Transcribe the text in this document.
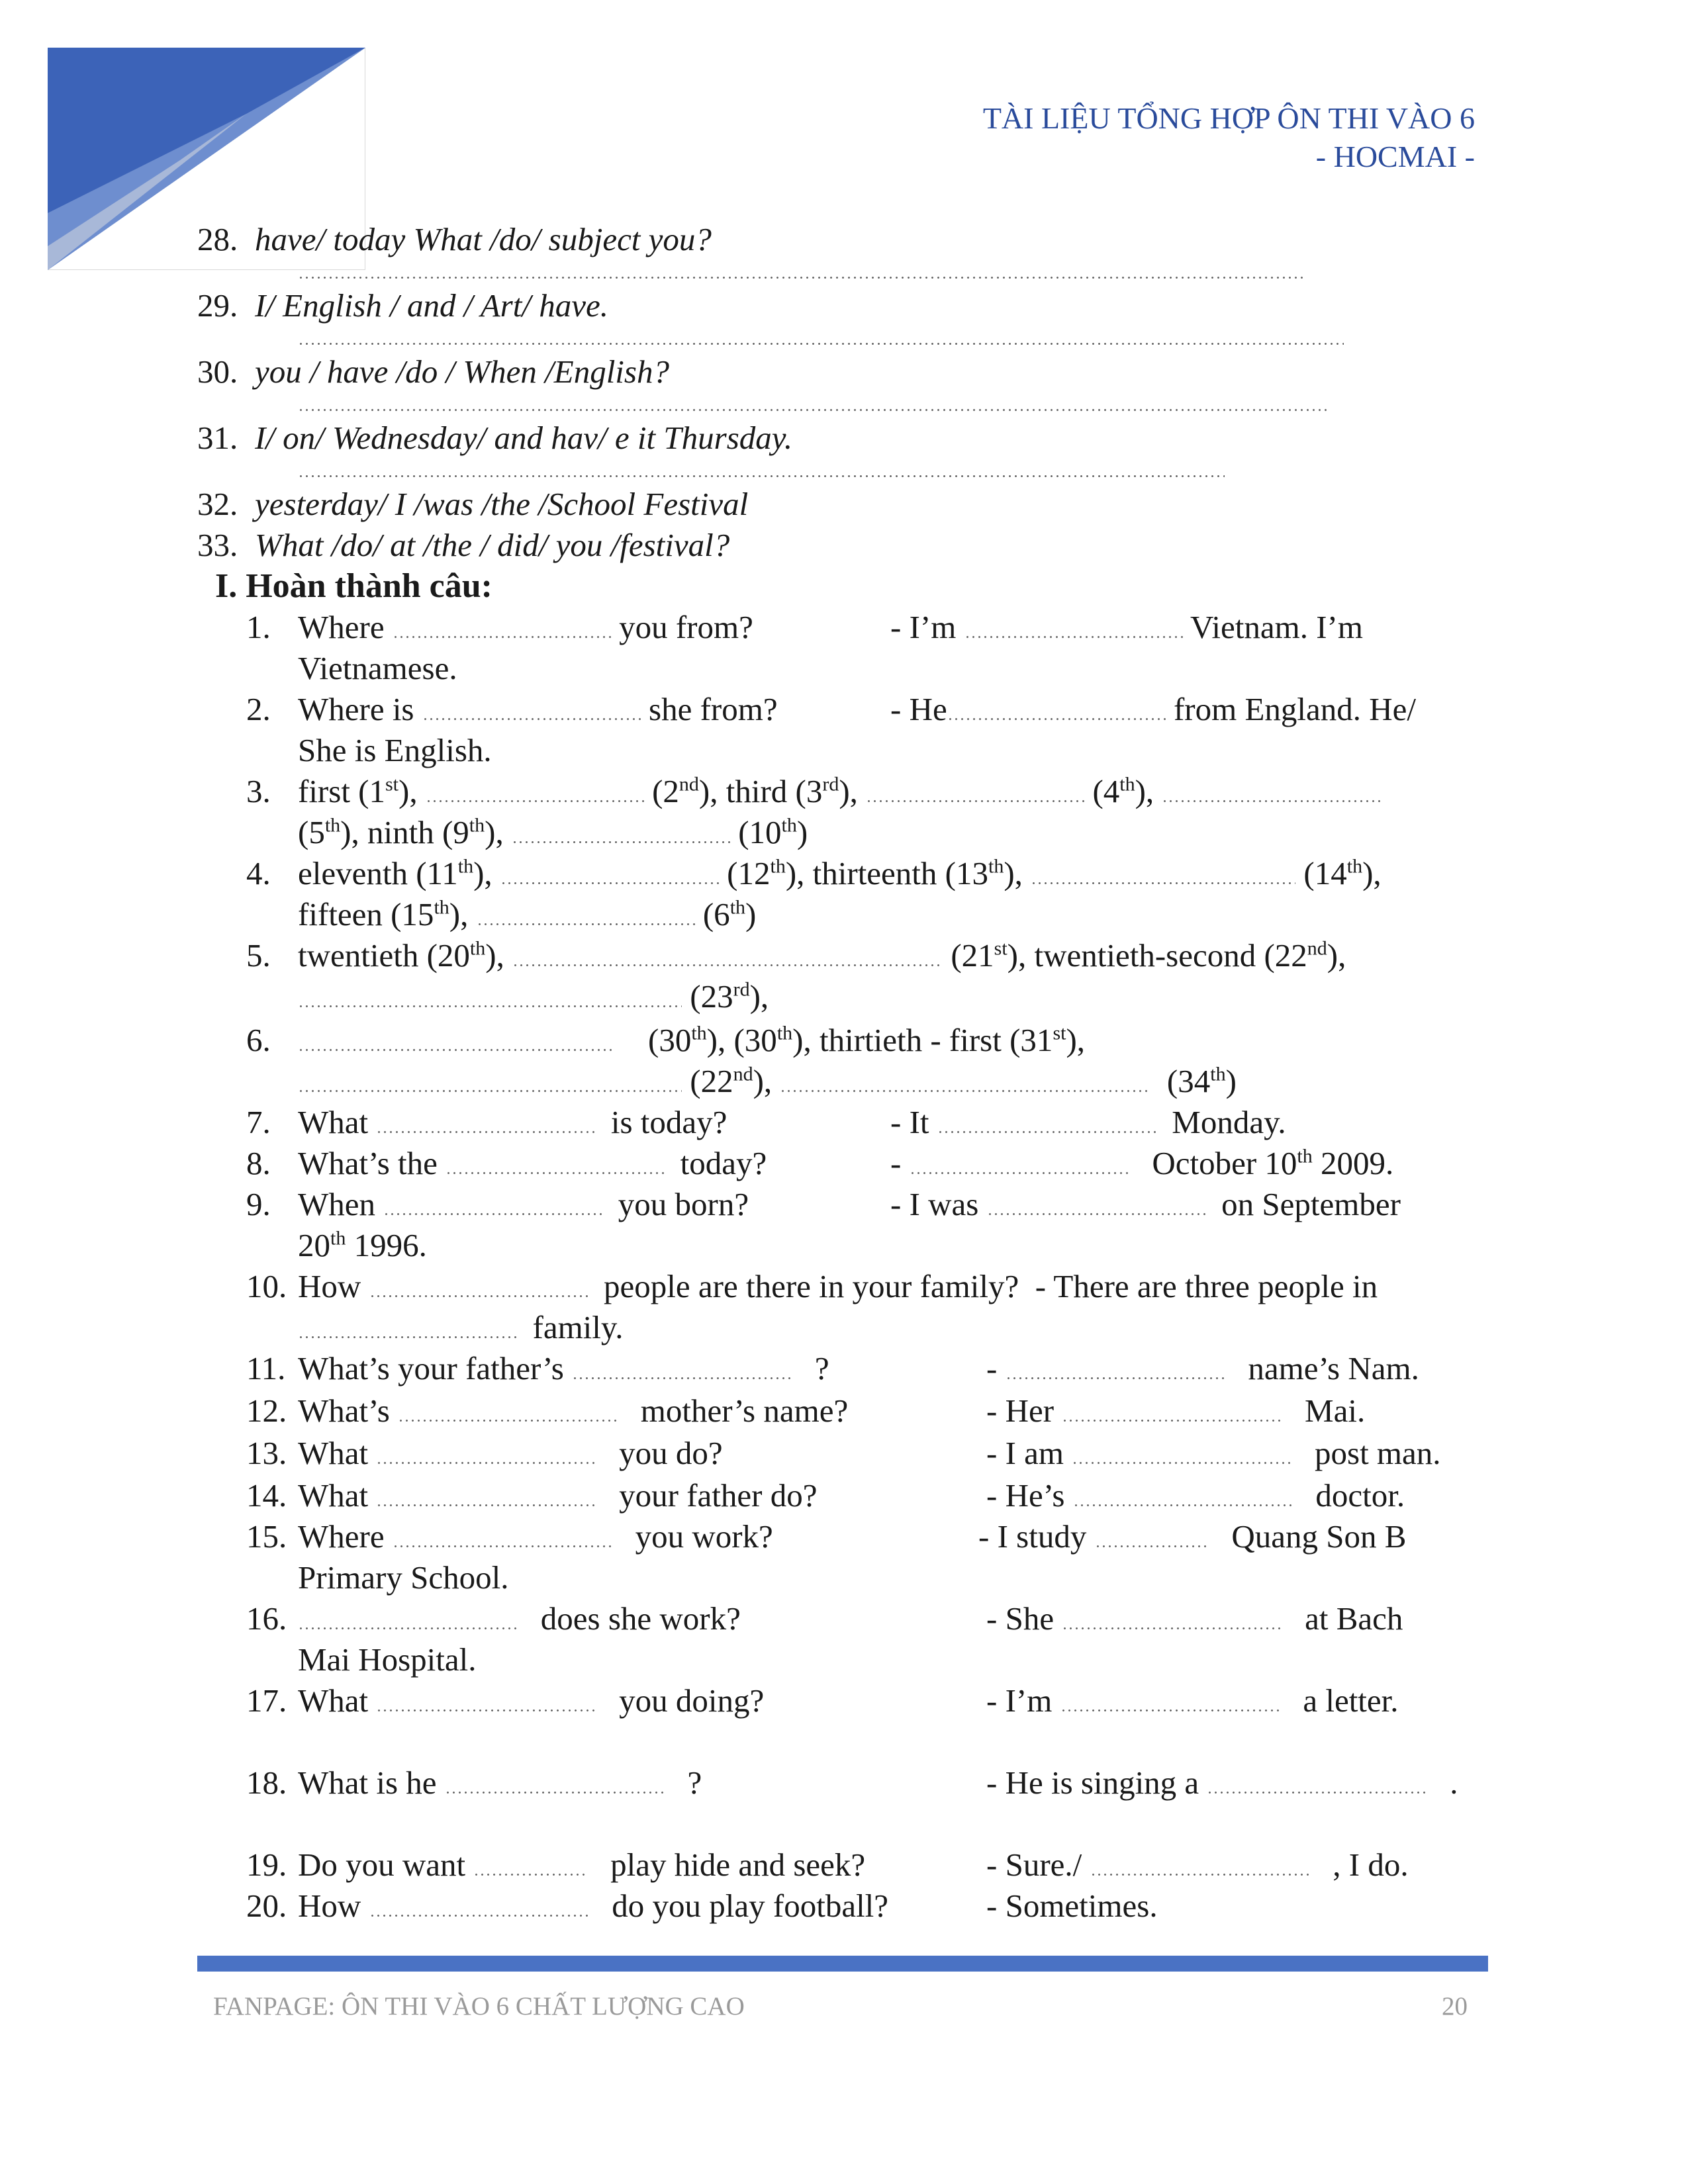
TÀI LIỆU TỔNG HỢP ÔN THI VÀO 6
- HOCMAI -
28. have/ today What /do/ subject you?
29. I/ English / and / Art/ have.
30. you / have /do / When /English?
31. I/ on/ Wednesday/ and hav/ e it Thursday.
32. yesterday/ I /was /the /School Festival
33. What /do/ at /the / did/ you /festival?
I. Hoàn thành câu:
1. Where	you from?	- I’m	Vietnam. I’m
Vietnamese.
2. Where is	she from?	- He	from England. He/
She is English.
3. first (1st),	(2nd), third (3rd),	(4th),
(5th), ninth (9th),	(10th)
4. eleventh (11th),	(12th), thirteenth (13th),	(14th),
fifteen (15th),	(6th)
5. twentieth (20th),	(21st), twentieth-second (22nd),
(23rd),
6.	(30th), (30th), thirtieth - first (31st),
(22nd),	(34th)
7. What	is today?	- It	Monday.
8. What’s the	today?	-	October 10th 2009.
9. When	you born?	- I was	on September
20th 1996.
10. How	people are there in your family? - There are three people in
family.
11. What’s your father’s	?	-	name’s Nam.
12. What’s	mother’s name?	- Her	Mai.
13. What	you do?	- I am	post man.
14. What	your father do?	- He’s	doctor.
15. Where	you work?	- I study	Quang Son B
Primary School.
16.	does she work?	- She	at Bach
Mai Hospital.
17. What	you doing?	- I’m	a letter.
18. What is he	?	- He is singing a	.
19. Do you want	play hide and seek?	- Sure./	, I do.
20. How	do you play football?	- Sometimes.
FANPAGE: ÔN THI VÀO 6 CHẤT LƯỢNG CAO	20
